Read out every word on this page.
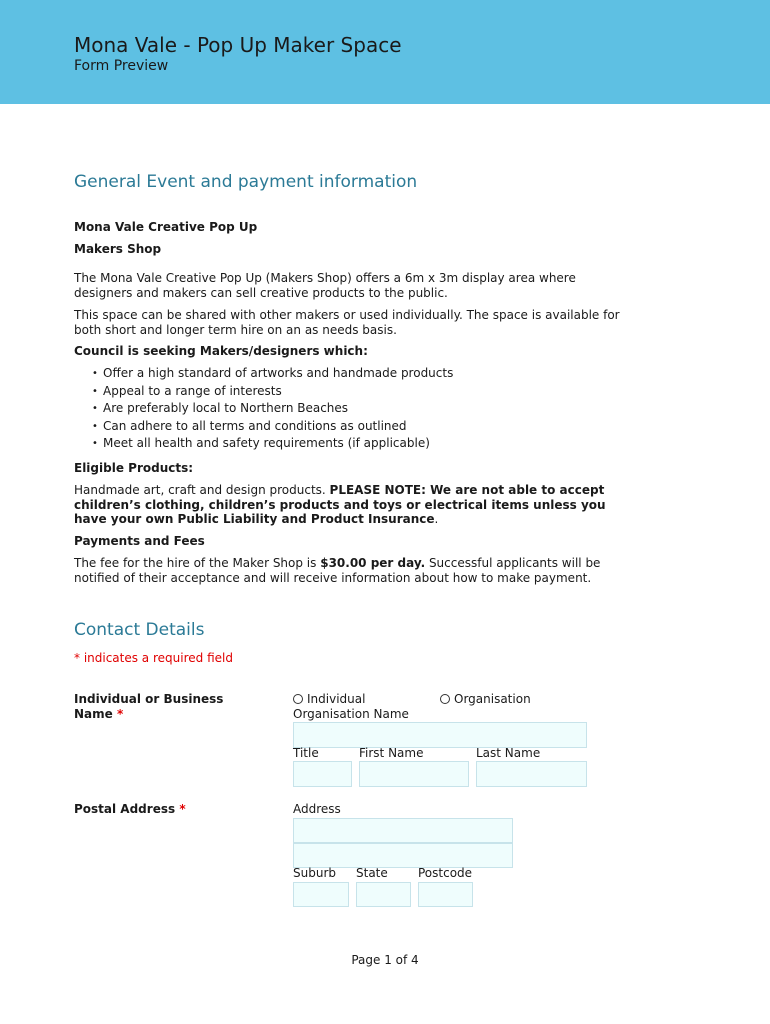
Mona Vale - Pop Up Maker Space
Form Preview
General Event and payment information
Mona Vale Creative Pop Up
Makers Shop
The Mona Vale Creative Pop Up (Makers Shop) offers a 6m x 3m display area where
designers and makers can sell creative products to the public.
This space can be shared with other makers or used individually. The space is available for
both short and longer term hire on an as needs basis.
Council is seeking Makers/designers which:
• Offer a high standard of artworks and handmade products
• Appeal to a range of interests
• Are preferably local to Northern Beaches
• Can adhere to all terms and conditions as outlined
• Meet all health and safety requirements (if applicable)
Eligible Products:
Handmade art, craft and design products. PLEASE NOTE: We are not able to accept
children’s clothing, children’s products and toys or electrical items unless you
have your own Public Liability and Product Insurance.
Payments and Fees
The fee for the hire of the Maker Shop is $30.00 per day. Successful applicants will be
notified of their acceptance and will receive information about how to make payment.
Contact Details
* indicates a required field
Individual or Business
Name *
Individual	Organisation
Organisation Name
Title	First Name	Last Name
Postal Address *	Address
Suburb State	Postcode
Page 1 of 4
